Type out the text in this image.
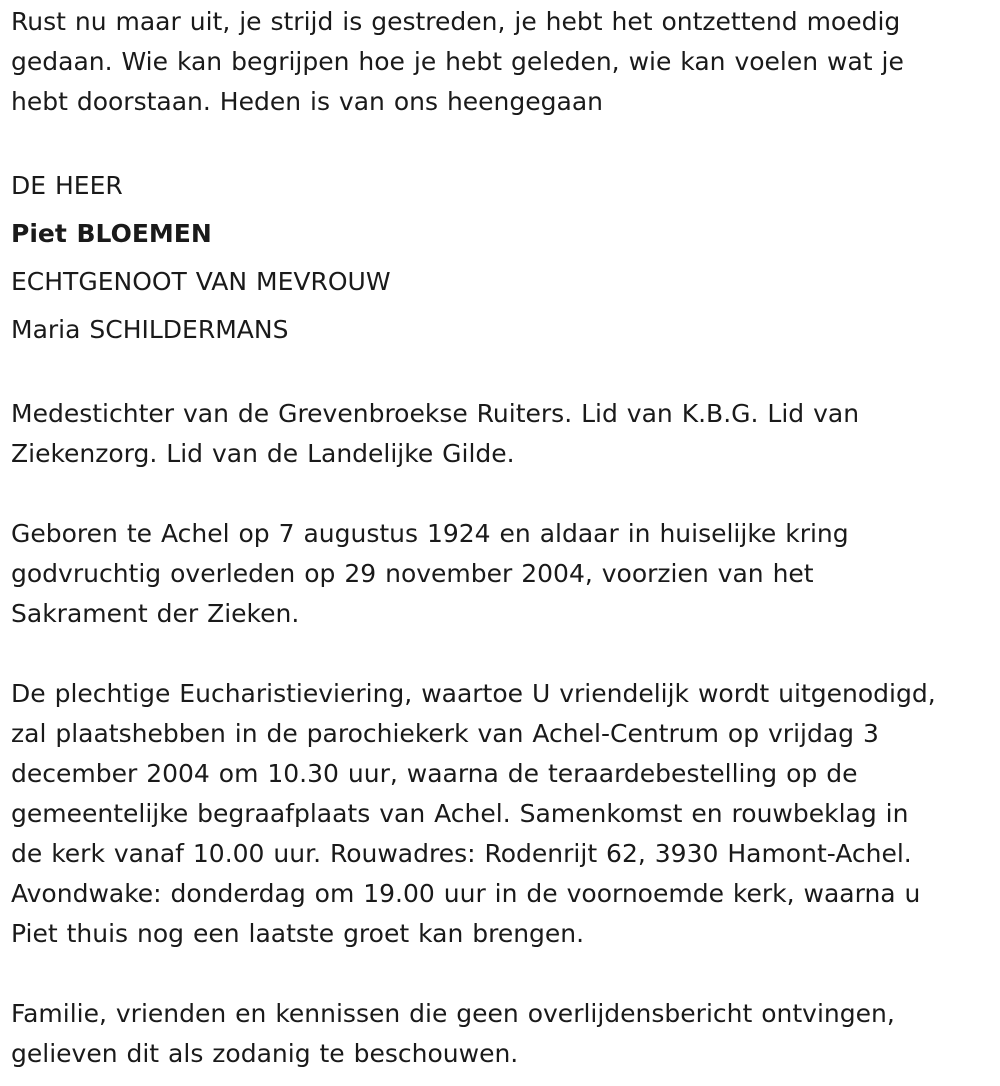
Rust nu maar uit, je strijd is gestreden, je hebt het ontzettend moedig
gedaan. Wie kan begrijpen hoe je hebt geleden, wie kan voelen wat je
hebt doorstaan. Heden is van ons heengegaan

DE HEER
Piet BLOEMEN
ECHTGENOOT VAN MEVROUW
Maria SCHILDERMANS

Medestichter van de Grevenbroekse Ruiters. Lid van K.B.G. Lid van
Ziekenzorg. Lid van de Landelijke Gilde.

Geboren te Achel op 7 augustus 1924 en aldaar in huiselijke kring
godvruchtig overleden op 29 november 2004, voorzien van het
Sakrament der Zieken.

De plechtige Eucharistieviering, waartoe U vriendelijk wordt uitgenodigd,
zal plaatshebben in de parochiekerk van Achel-Centrum op vrijdag 3
december 2004 om 10.30 uur, waarna de teraardebestelling op de
gemeentelijke begraafplaats van Achel. Samenkomst en rouwbeklag in
de kerk vanaf 10.00 uur. Rouwadres: Rodenrijt 62, 3930 Hamont-Achel.
Avondwake: donderdag om 19.00 uur in de voornoemde kerk, waarna u
Piet thuis nog een laatste groet kan brengen.

Familie, vrienden en kennissen die geen overlijdensbericht ontvingen,
gelieven dit als zodanig te beschouwen.
